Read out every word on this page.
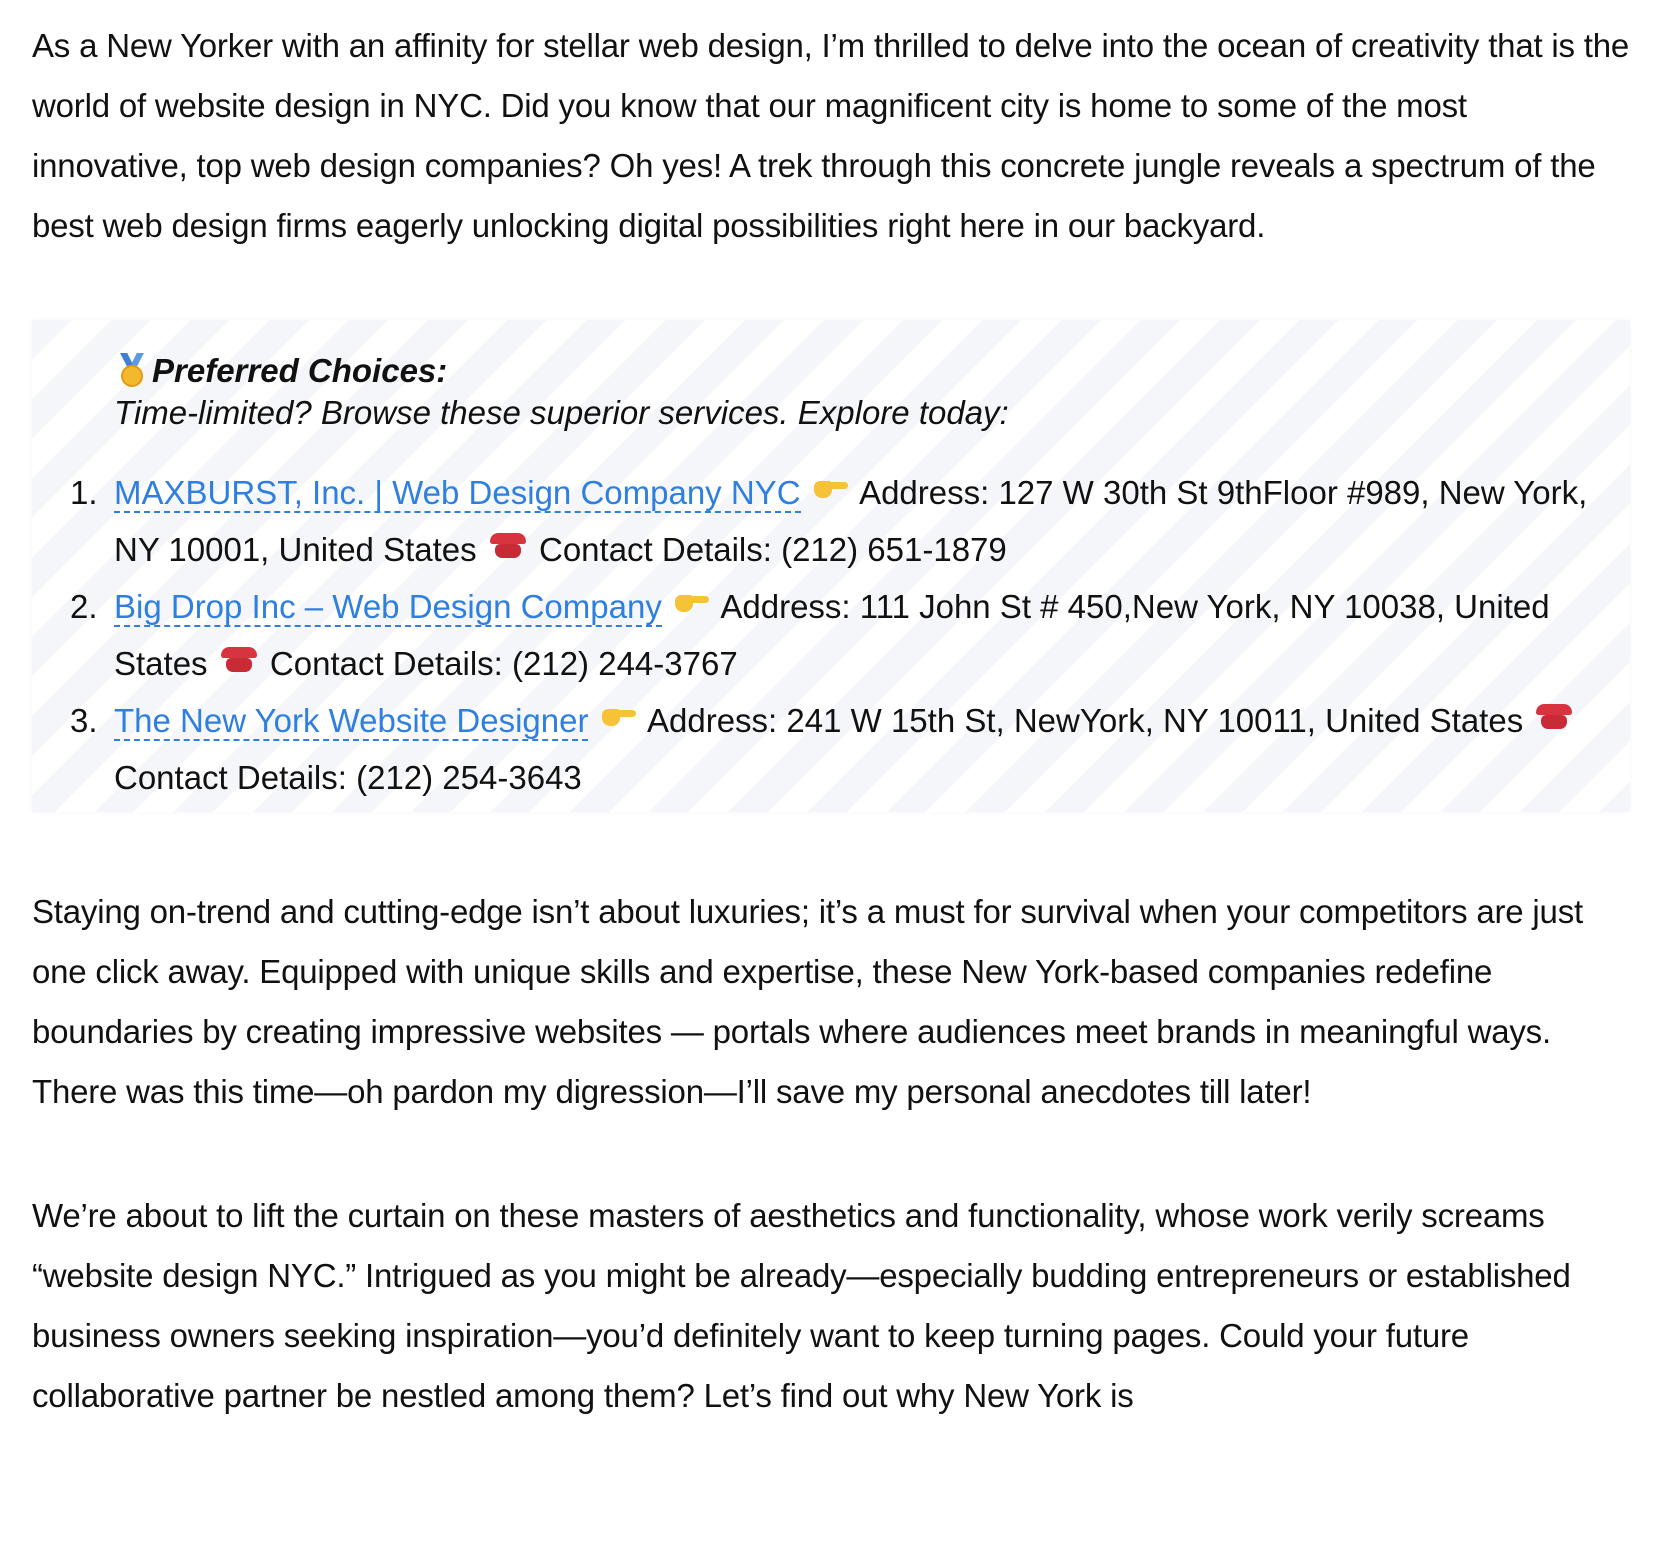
As a New Yorker with an affinity for stellar web design, I’m thrilled to delve into the ocean of creativity that is the world of website design in NYC. Did you know that our magnificent city is home to some of the most innovative, top web design companies? Oh yes! A trek through this concrete jungle reveals a spectrum of the best web design firms eagerly unlocking digital possibilities right here in our backyard.

Preferred Choices:
Time-limited? Browse these superior services. Explore today:
1. MAXBURST, Inc. | Web Design Company NYC Address: 127 W 30th St 9thFloor #989, New York, NY 10001, United States Contact Details: (212) 651-1879
2. Big Drop Inc – Web Design Company Address: 111 John St # 450,New York, NY 10038, United States Contact Details: (212) 244-3767
3. The New York Website Designer Address: 241 W 15th St, NewYork, NY 10011, United States  Contact Details: (212) 254-3643

Staying on-trend and cutting-edge isn’t about luxuries; it’s a must for survival when your competitors are just one click away. Equipped with unique skills and expertise, these New York-based companies redefine boundaries by creating impressive websites — portals where audiences meet brands in meaningful ways. There was this time—oh pardon my digression—I’ll save my personal anecdotes till later!

We’re about to lift the curtain on these masters of aesthetics and functionality, whose work verily screams “website design NYC.” Intrigued as you might be already—especially budding entrepreneurs or established business owners seeking inspiration—you’d definitely want to keep turning pages. Could your future collaborative partner be nestled among them? Let’s find out why New York is
